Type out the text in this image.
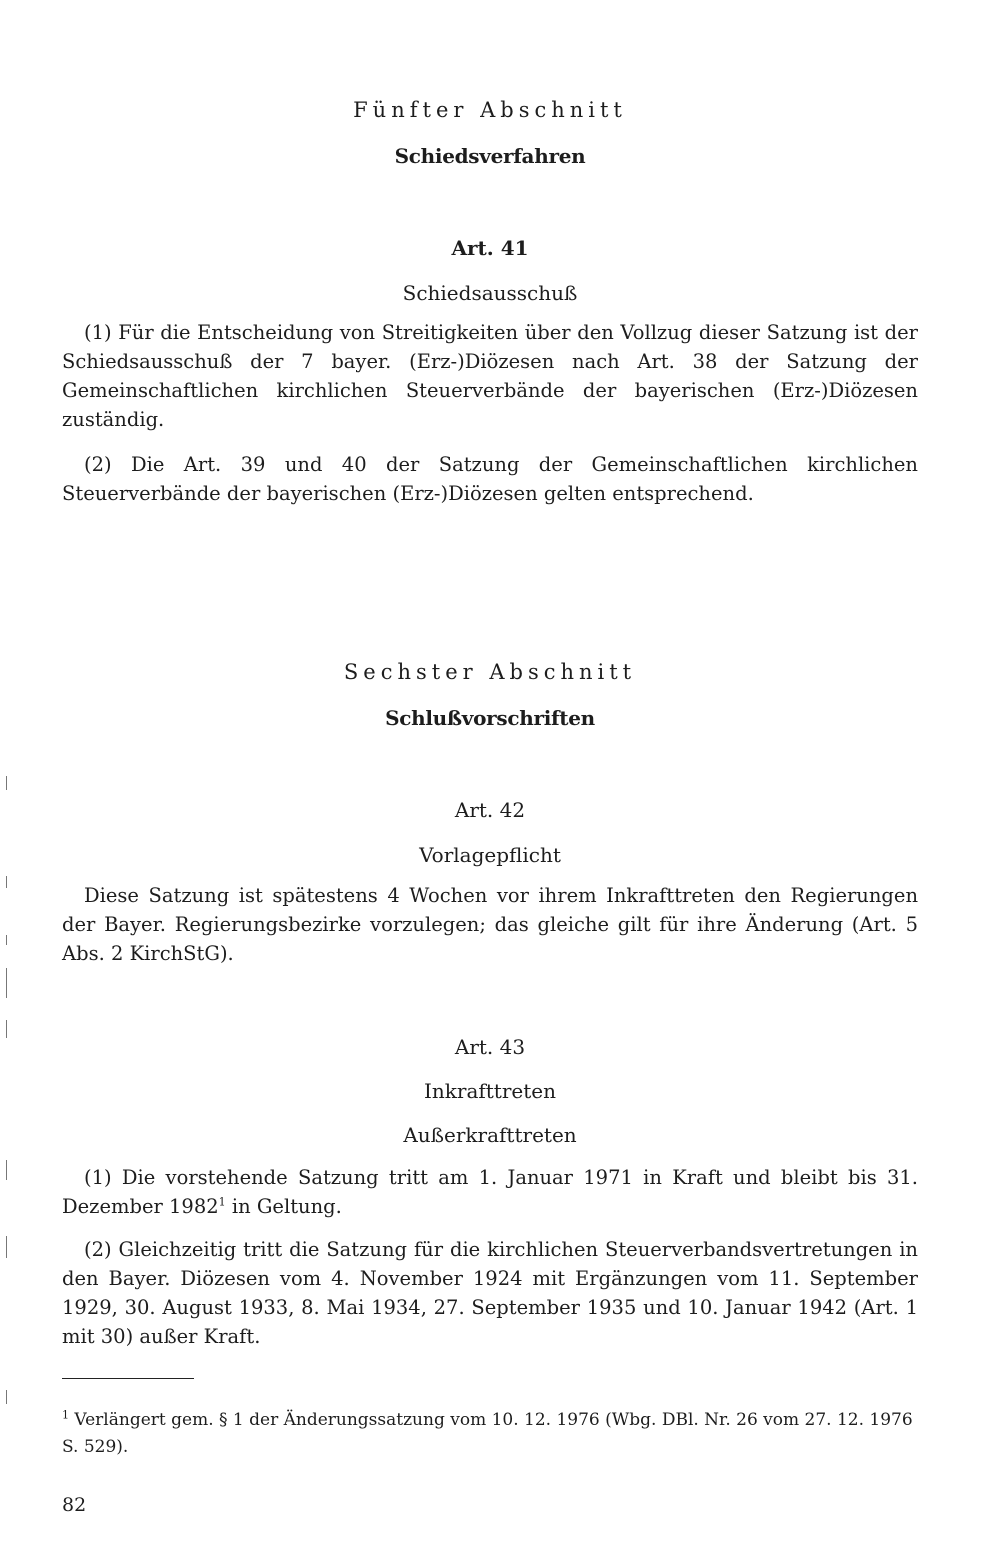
Fünfter Abschnitt
Schiedsverfahren
Art. 41
Schiedsausschuß

(1) Für die Entscheidung von Streitigkeiten über den Vollzug dieser Satzung ist der Schiedsausschuß der 7 bayer. (Erz-)Diözesen nach Art. 38 der Satzung der Gemeinschaftlichen kirchlichen Steuerverbände der bayerischen (Erz-)Diözesen zuständig.

(2) Die Art. 39 und 40 der Satzung der Gemeinschaftlichen kirchlichen Steuerverbände der bayerischen (Erz-)Diözesen gelten entsprechend.

Sechster Abschnitt
Schlußvorschriften
Art. 42
Vorlagepflicht

Diese Satzung ist spätestens 4 Wochen vor ihrem Inkrafttreten den Regierungen der Bayer. Regierungsbezirke vorzulegen; das gleiche gilt für ihre Änderung (Art. 5 Abs. 2 KirchStG).

Art. 43
Inkrafttreten
Außerkrafttreten

(1) Die vorstehende Satzung tritt am 1. Januar 1971 in Kraft und bleibt bis 31. Dezember 1982$^1$ in Geltung.

(2) Gleichzeitig tritt die Satzung für die kirchlichen Steuerverbandsvertretungen in den Bayer. Diözesen vom 4. November 1924 mit Ergänzungen vom 11. September 1929, 30. August 1933, 8. Mai 1934, 27. September 1935 und 10. Januar 1942 (Art. 1 mit 30) außer Kraft.

$^1$ Verlängert gem. § 1 der Änderungssatzung vom 10. 12. 1976 (Wbg. DBl. Nr. 26 vom 27. 12. 1976 S. 529).

82
